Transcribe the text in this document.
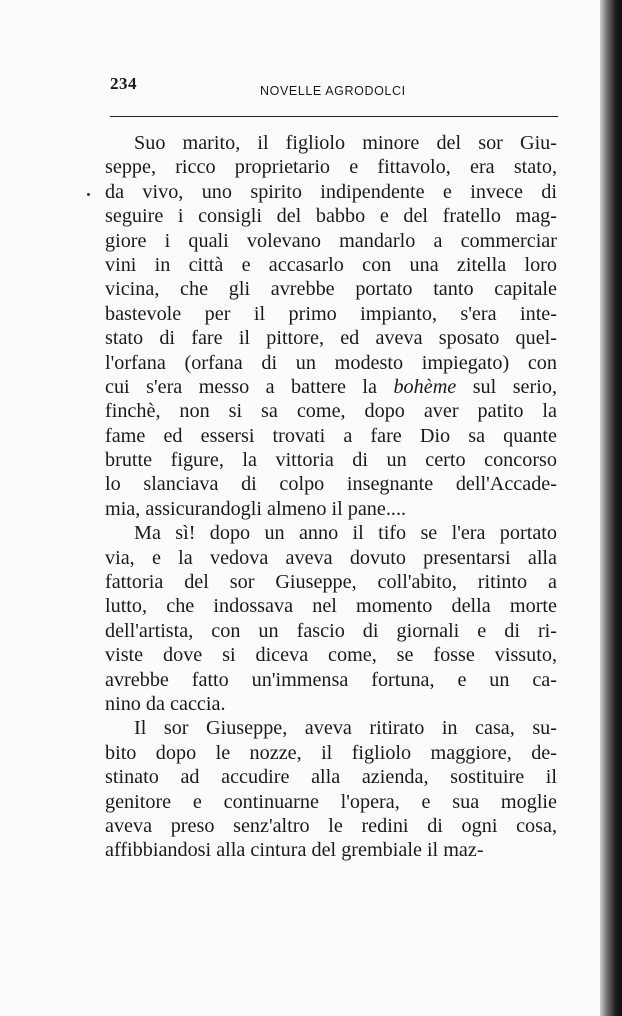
234	NOVELLE AGRODOLCI
Suo marito, il figliolo minore del sor Giu-
seppe, ricco proprietario e fittavolo, era stato,
da vivo, uno spirito indipendente e invece di
seguire i consigli del babbo e del fratello mag-
giore i quali volevano mandarlo a commerciar
vini in città e accasarlo con una zitella loro
vicina, che gli avrebbe portato tanto capitale
bastevole per il primo impianto, s'era inte-
stato di fare il pittore, ed aveva sposato quel-
l'orfana (orfana di un modesto impiegato) con
cui s'era messo a battere la bohème sul serio,
finchè, non si sa come, dopo aver patito la
fame ed essersi trovati a fare Dio sa quante
brutte figure, la vittoria di un certo concorso
lo slanciava di colpo insegnante dell'Accade-
mia, assicurandogli almeno il pane....
Ma sì! dopo un anno il tifo se l'era portato
via, e la vedova aveva dovuto presentarsi alla
fattoria del sor Giuseppe, coll'abito, ritinto a
lutto, che indossava nel momento della morte
dell'artista, con un fascio di giornali e di ri-
viste dove si diceva come, se fosse vissuto,
avrebbe fatto un'immensa fortuna, e un ca-
nino da caccia.
Il sor Giuseppe, aveva ritirato in casa, su-
bito dopo le nozze, il figliolo maggiore, de-
stinato ad accudire alla azienda, sostituire il
genitore e continuarne l'opera, e sua moglie
aveva preso senz'altro le redini di ogni cosa,
affibbiandosi alla cintura del grembiale il maz-
